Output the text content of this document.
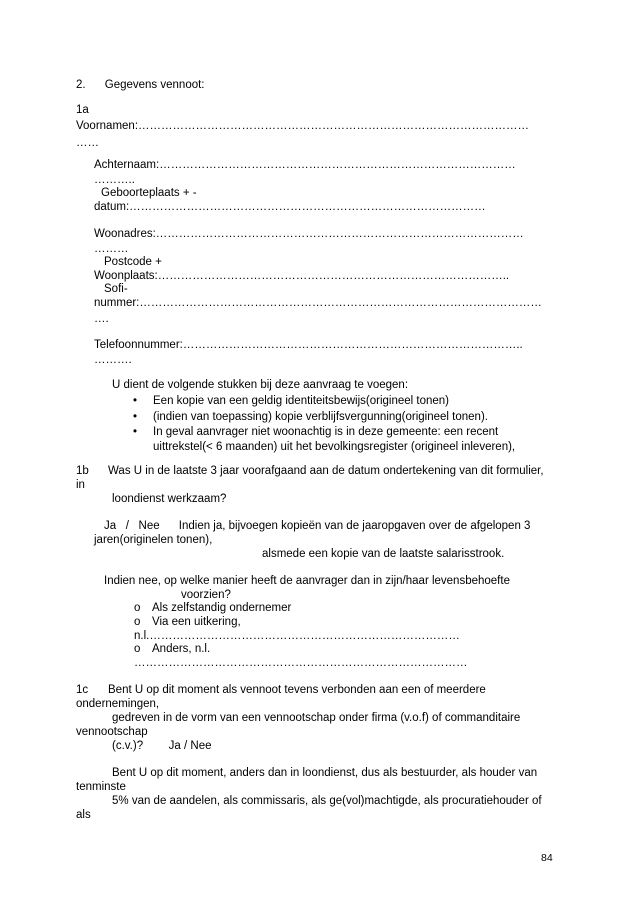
2.      Gegevens vennoot:
1a
Voornamen:…………………………………………………………………………………………
……
Achternaam:…………………………………………………………………………………
………..
Geboorteplaats + -
datum:…………………………………………………………………………………
Woonadres:……………………………………………………………………………………
………
Postcode +
Woonplaats:………………………………………………………………………………..
Sofi-
nummer:……………………………………………………………………………………………
….
Telefoonnummer:……………………………………………………………………………..
……….
U dient de volgende stukken bij deze aanvraag te voegen:
• Een kopie van een geldig identiteitsbewijs(origineel tonen)
• (indien van toepassing) kopie verblijfsvergunning(origineel tonen).
• In geval aanvrager niet woonachtig is in deze gemeente: een recent
uittrekstel(< 6 maanden) uit het bevolkingsregister (origineel inleveren),
1b Was U in de laatste 3 jaar voorafgaand aan de datum ondertekening van dit formulier,
in
loondienst werkzaam?
Ja   /   Nee      Indien ja, bijvoegen kopieën van de jaaropgaven over de afgelopen 3
jaren(originelen tonen),
alsmede een kopie van de laatste salarisstrook.
Indien nee, op welke manier heeft de aanvrager dan in zijn/haar levensbehoefte
voorzien?
o Als zelfstandig ondernemer
o Via een uitkering,
n.l.………………………………………………………………………
o Anders, n.l.
……………………………………………………………………………
1c Bent U op dit moment als vennoot tevens verbonden aan een of meerdere
ondernemingen,
gedreven in de vorm van een vennootschap onder firma (v.o.f) of commanditaire
vennootschap
(c.v.)?        Ja / Nee
Bent U op dit moment, anders dan in loondienst, dus als bestuurder, als houder van
tenminste
5% van de aandelen, als commissaris, als ge(vol)machtigde, als procuratiehouder of
als
84
